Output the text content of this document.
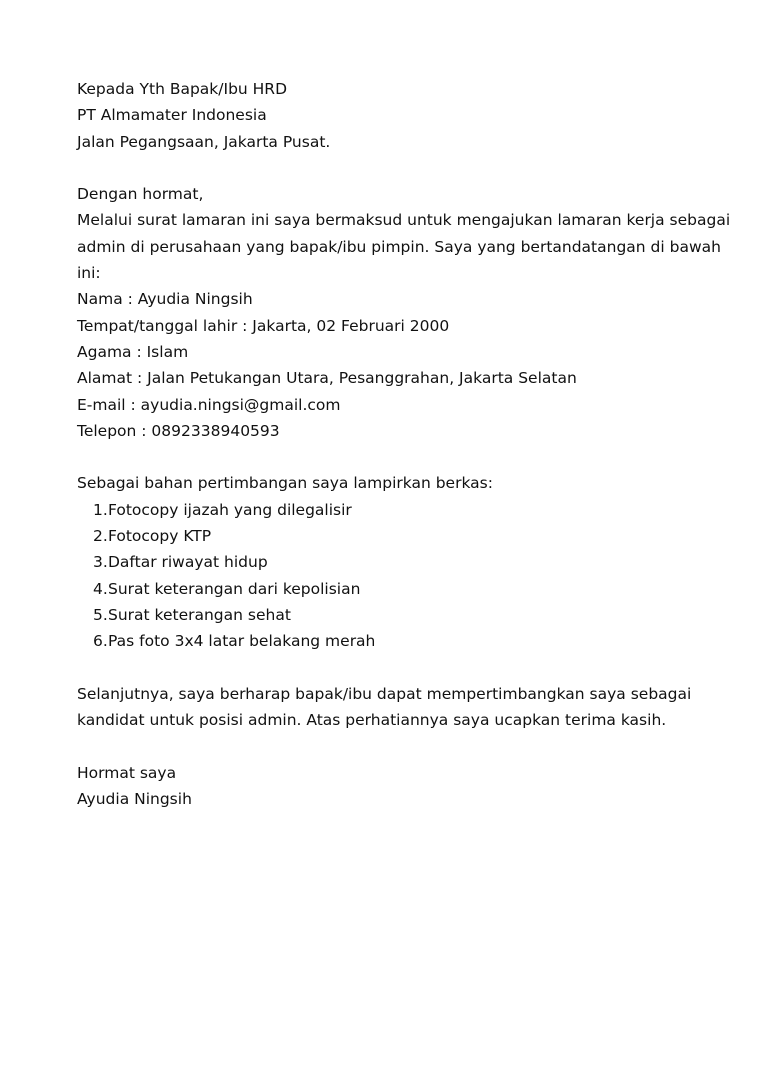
Kepada Yth Bapak/Ibu HRD
PT Almamater Indonesia
Jalan Pegangsaan, Jakarta Pusat.
Dengan hormat,
Melalui surat lamaran ini saya bermaksud untuk mengajukan lamaran kerja sebagai
admin di perusahaan yang bapak/ibu pimpin. Saya yang bertandatangan di bawah
ini:
Nama : Ayudia Ningsih
Tempat/tanggal lahir : Jakarta, 02 Februari 2000
Agama : Islam
Alamat : Jalan Petukangan Utara, Pesanggrahan, Jakarta Selatan
E-mail : ayudia.ningsi@gmail.com
Telepon : 0892338940593
Sebagai bahan pertimbangan saya lampirkan berkas:
1.Fotocopy ijazah yang dilegalisir
2.Fotocopy KTP
3.Daftar riwayat hidup
4.Surat keterangan dari kepolisian
5.Surat keterangan sehat
6.Pas foto 3x4 latar belakang merah
Selanjutnya, saya berharap bapak/ibu dapat mempertimbangkan saya sebagai
kandidat untuk posisi admin. Atas perhatiannya saya ucapkan terima kasih.
Hormat saya
Ayudia Ningsih
